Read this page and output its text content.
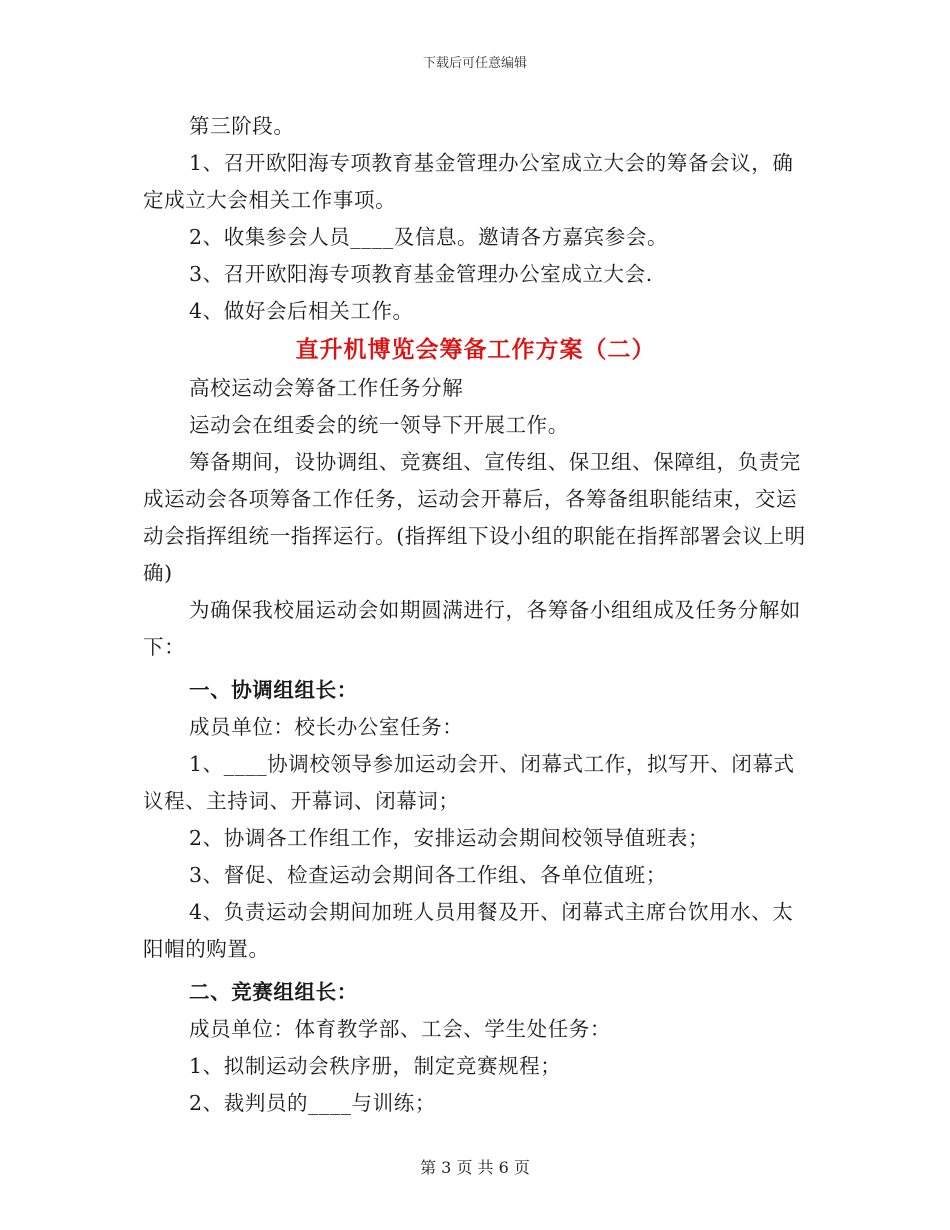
下载后可任意编辑

第三阶段。

1、召开欧阳海专项教育基金管理办公室成立大会的筹备会议，确定成立大会相关工作事项。

2、收集参会人员____及信息。邀请各方嘉宾参会。

3、召开欧阳海专项教育基金管理办公室成立大会.

4、做好会后相关工作。

直升机博览会筹备工作方案（二）

高校运动会筹备工作任务分解

运动会在组委会的统一领导下开展工作。

筹备期间，设协调组、竞赛组、宣传组、保卫组、保障组，负责完成运动会各项筹备工作任务，运动会开幕后，各筹备组职能结束，交运动会指挥组统一指挥运行。(指挥组下设小组的职能在指挥部署会议上明确)

为确保我校届运动会如期圆满进行，各筹备小组组成及任务分解如下：

一、协调组组长：

成员单位：校长办公室任务：

1、____协调校领导参加运动会开、闭幕式工作，拟写开、闭幕式议程、主持词、开幕词、闭幕词；

2、协调各工作组工作，安排运动会期间校领导值班表；

3、督促、检查运动会期间各工作组、各单位值班；

4、负责运动会期间加班人员用餐及开、闭幕式主席台饮用水、太阳帽的购置。

二、竞赛组组长：

成员单位：体育教学部、工会、学生处任务：

1、拟制运动会秩序册，制定竞赛规程；

2、裁判员的____与训练；

第 3 页 共 6 页
